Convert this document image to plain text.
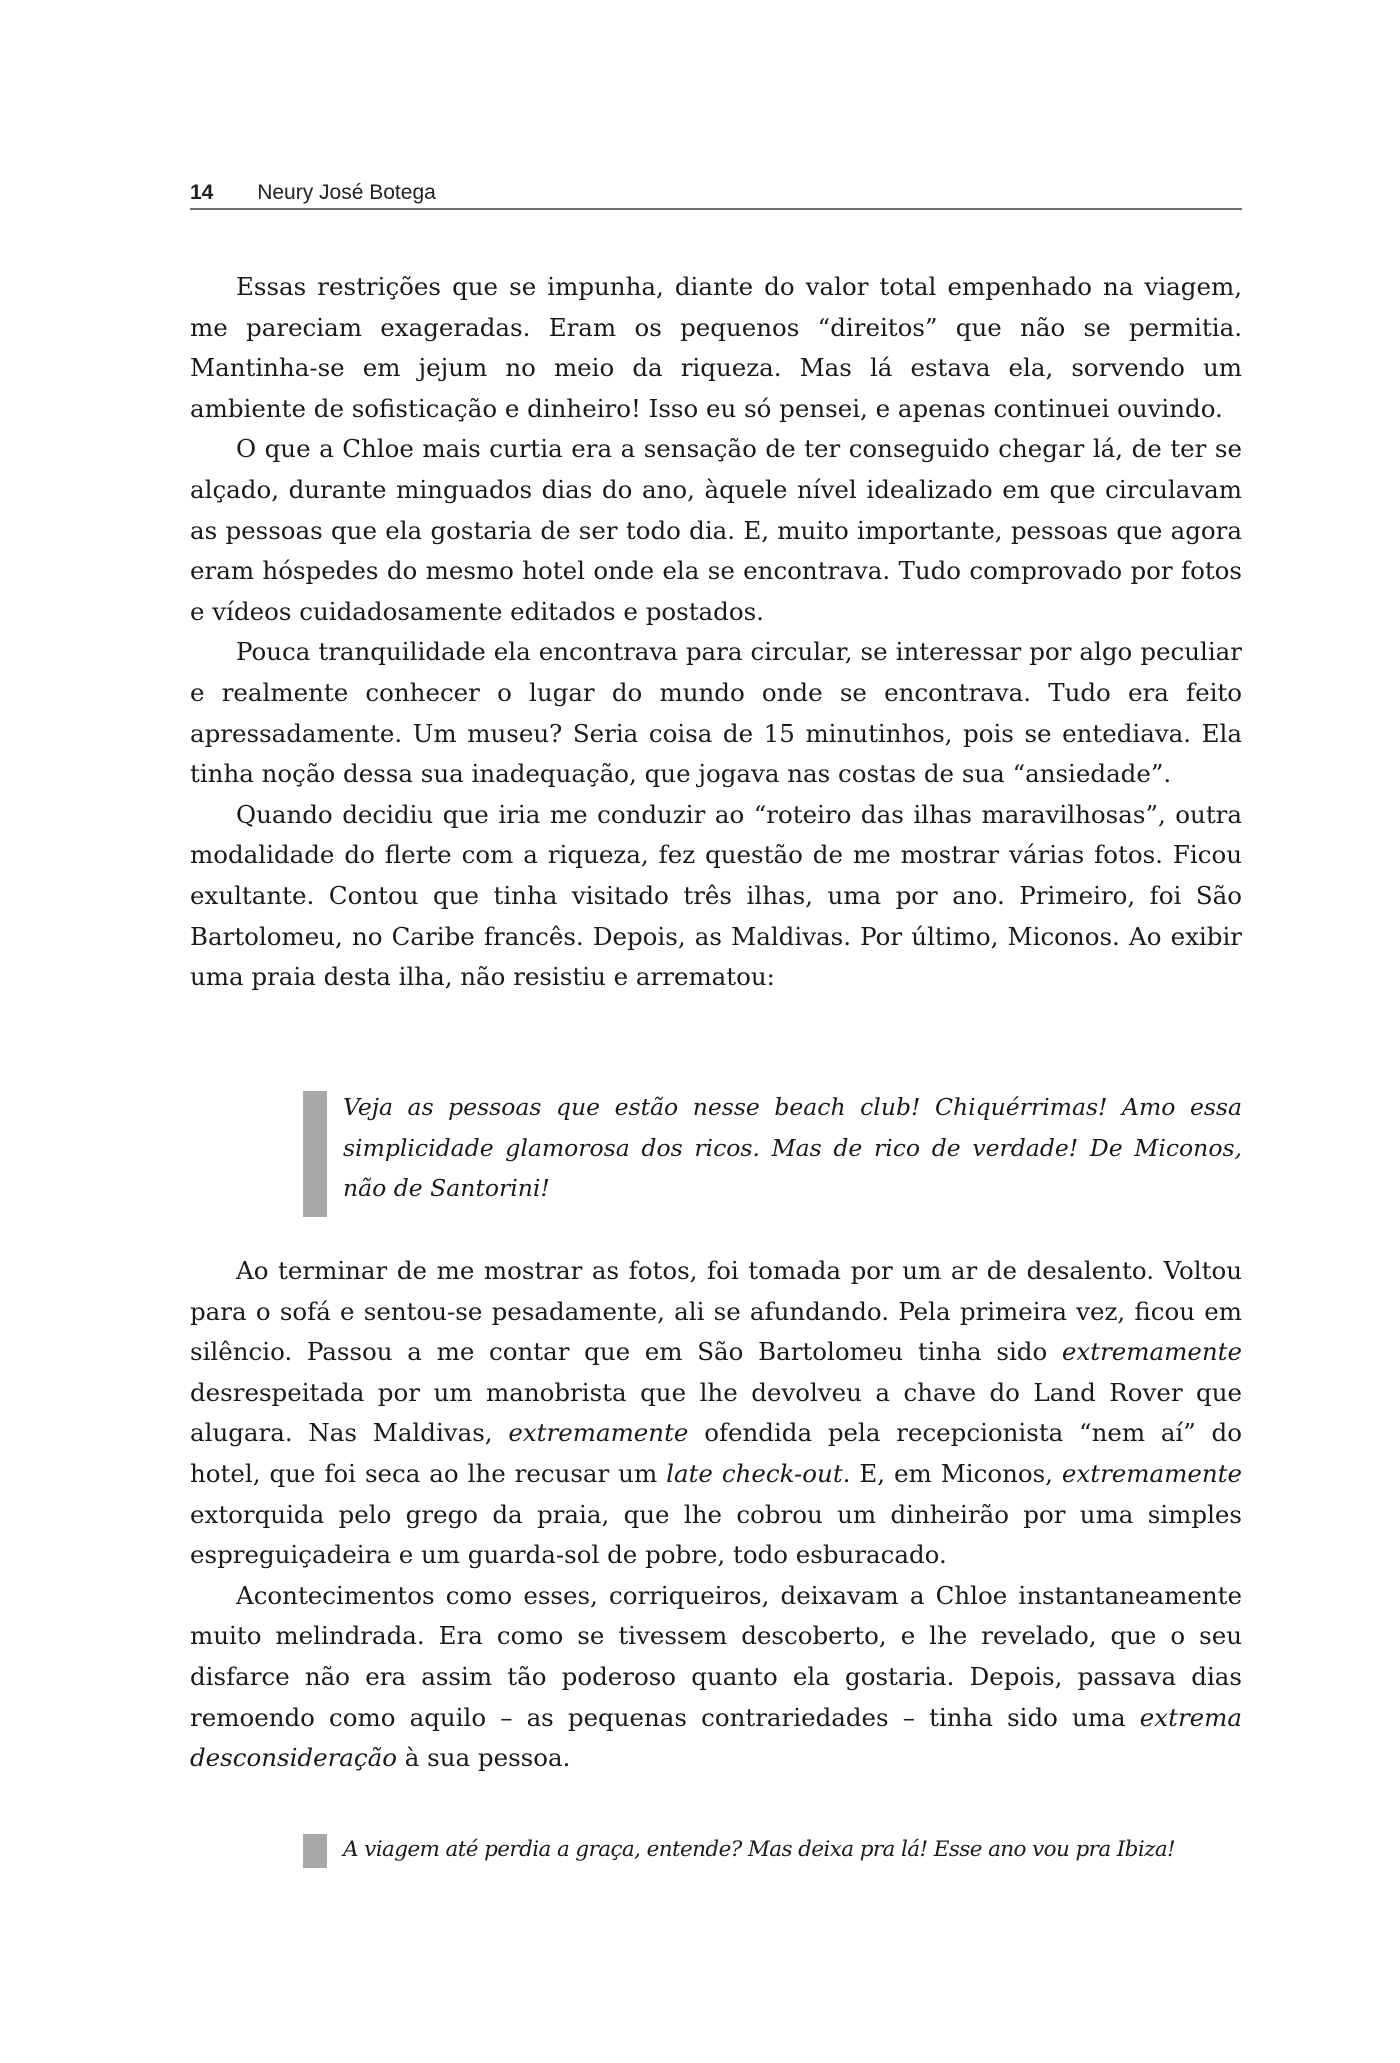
14 Neury José Botega

Essas restrições que se impunha, diante do valor total empenhado na viagem, me pareciam exageradas. Eram os pequenos “direitos” que não se permitia. Mantinha-se em jejum no meio da riqueza. Mas lá estava ela, sorvendo um ambiente de sofisticação e dinheiro! Isso eu só pensei, e apenas continuei ouvindo.

O que a Chloe mais curtia era a sensação de ter conseguido chegar lá, de ter se alçado, durante minguados dias do ano, àquele nível idealizado em que circulavam as pessoas que ela gostaria de ser todo dia. E, muito importante, pessoas que agora eram hóspedes do mesmo hotel onde ela se encontrava. Tudo comprovado por fotos e vídeos cuidadosamente editados e postados.

Pouca tranquilidade ela encontrava para circular, se interessar por algo peculiar e realmente conhecer o lugar do mundo onde se encontrava. Tudo era feito apressadamente. Um museu? Seria coisa de 15 minutinhos, pois se entediava. Ela tinha noção dessa sua inadequação, que jogava nas costas de sua “ansiedade”.

Quando decidiu que iria me conduzir ao “roteiro das ilhas maravilhosas”, outra modalidade do flerte com a riqueza, fez questão de me mostrar várias fotos. Ficou exultante. Contou que tinha visitado três ilhas, uma por ano. Primeiro, foi São Bartolomeu, no Caribe francês. Depois, as Maldivas. Por último, Miconos. Ao exibir uma praia desta ilha, não resistiu e arrematou:

Veja as pessoas que estão nesse beach club! Chiquérrimas! Amo essa simplicidade glamorosa dos ricos. Mas de rico de verdade! De Miconos, não de Santorini!

Ao terminar de me mostrar as fotos, foi tomada por um ar de desalento. Voltou para o sofá e sentou-se pesadamente, ali se afundando. Pela primeira vez, ficou em silêncio. Passou a me contar que em São Bartolomeu tinha sido extremamente desrespeitada por um manobrista que lhe devolveu a chave do Land Rover que alugara. Nas Maldivas, extremamente ofendida pela recepcionista “nem aí” do hotel, que foi seca ao lhe recusar um late check-out. E, em Miconos, extremamente extorquida pelo grego da praia, que lhe cobrou um dinheirão por uma simples espreguiçadeira e um guarda-sol de pobre, todo esburacado.

Acontecimentos como esses, corriqueiros, deixavam a Chloe instantaneamente muito melindrada. Era como se tivessem descoberto, e lhe revelado, que o seu disfarce não era assim tão poderoso quanto ela gostaria. Depois, passava dias remoendo como aquilo – as pequenas contrariedades – tinha sido uma extrema desconsideração à sua pessoa.

A viagem até perdia a graça, entende? Mas deixa pra lá! Esse ano vou pra Ibiza!
